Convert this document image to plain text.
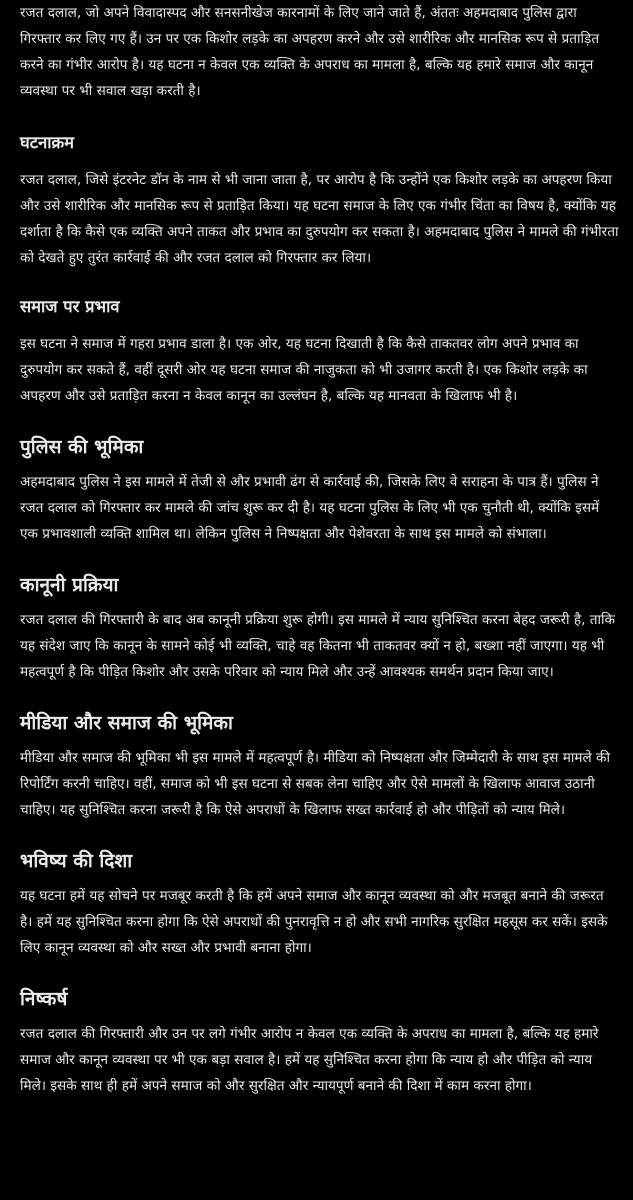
रजत दलाल, जो अपने विवादास्पद और सनसनीखेज कारनामों के लिए जाने जाते हैं, अंततः अहमदाबाद पुलिस द्वारा गिरफ्तार कर लिए गए हैं। उन पर एक किशोर लड़के का अपहरण करने और उसे शारीरिक और मानसिक रूप से प्रताड़ित करने का गंभीर आरोप है। यह घटना न केवल एक व्यक्ति के अपराध का मामला है, बल्कि यह हमारे समाज और कानून व्यवस्था पर भी सवाल खड़ा करती है।

घटनाक्रम

रजत दलाल, जिसे इंटरनेट डॉन के नाम से भी जाना जाता है, पर आरोप है कि उन्होंने एक किशोर लड़के का अपहरण किया और उसे शारीरिक और मानसिक रूप से प्रताड़ित किया। यह घटना समाज के लिए एक गंभीर चिंता का विषय है, क्योंकि यह दर्शाता है कि कैसे एक व्यक्ति अपने ताकत और प्रभाव का दुरुपयोग कर सकता है। अहमदाबाद पुलिस ने मामले की गंभीरता को देखते हुए तुरंत कार्रवाई की और रजत दलाल को गिरफ्तार कर लिया।

समाज पर प्रभाव

इस घटना ने समाज में गहरा प्रभाव डाला है। एक ओर, यह घटना दिखाती है कि कैसे ताकतवर लोग अपने प्रभाव का दुरुपयोग कर सकते हैं, वहीं दूसरी ओर यह घटना समाज की नाजुकता को भी उजागर करती है। एक किशोर लड़के का अपहरण और उसे प्रताड़ित करना न केवल कानून का उल्लंघन है, बल्कि यह मानवता के खिलाफ भी है।

पुलिस की भूमिका

अहमदाबाद पुलिस ने इस मामले में तेजी से और प्रभावी ढंग से कार्रवाई की, जिसके लिए वे सराहना के पात्र हैं। पुलिस ने रजत दलाल को गिरफ्तार कर मामले की जांच शुरू कर दी है। यह घटना पुलिस के लिए भी एक चुनौती थी, क्योंकि इसमें एक प्रभावशाली व्यक्ति शामिल था। लेकिन पुलिस ने निष्पक्षता और पेशेवरता के साथ इस मामले को संभाला।

कानूनी प्रक्रिया

रजत दलाल की गिरफ्तारी के बाद अब कानूनी प्रक्रिया शुरू होगी। इस मामले में न्याय सुनिश्चित करना बेहद जरूरी है, ताकि यह संदेश जाए कि कानून के सामने कोई भी व्यक्ति, चाहे वह कितना भी ताकतवर क्यों न हो, बख्शा नहीं जाएगा। यह भी महत्वपूर्ण है कि पीड़ित किशोर और उसके परिवार को न्याय मिले और उन्हें आवश्यक समर्थन प्रदान किया जाए।

मीडिया और समाज की भूमिका

मीडिया और समाज की भूमिका भी इस मामले में महत्वपूर्ण है। मीडिया को निष्पक्षता और जिम्मेदारी के साथ इस मामले की रिपोर्टिंग करनी चाहिए। वहीं, समाज को भी इस घटना से सबक लेना चाहिए और ऐसे मामलों के खिलाफ आवाज उठानी चाहिए। यह सुनिश्चित करना जरूरी है कि ऐसे अपराधों के खिलाफ सख्त कार्रवाई हो और पीड़ितों को न्याय मिले।

भविष्य की दिशा

यह घटना हमें यह सोचने पर मजबूर करती है कि हमें अपने समाज और कानून व्यवस्था को और मजबूत बनाने की जरूरत है। हमें यह सुनिश्चित करना होगा कि ऐसे अपराधों की पुनरावृत्ति न हो और सभी नागरिक सुरक्षित महसूस कर सकें। इसके लिए कानून व्यवस्था को और सख्त और प्रभावी बनाना होगा।

निष्कर्ष

रजत दलाल की गिरफ्तारी और उन पर लगे गंभीर आरोप न केवल एक व्यक्ति के अपराध का मामला है, बल्कि यह हमारे समाज और कानून व्यवस्था पर भी एक बड़ा सवाल है। हमें यह सुनिश्चित करना होगा कि न्याय हो और पीड़ित को न्याय मिले। इसके साथ ही हमें अपने समाज को और सुरक्षित और न्यायपूर्ण बनाने की दिशा में काम करना होगा।
